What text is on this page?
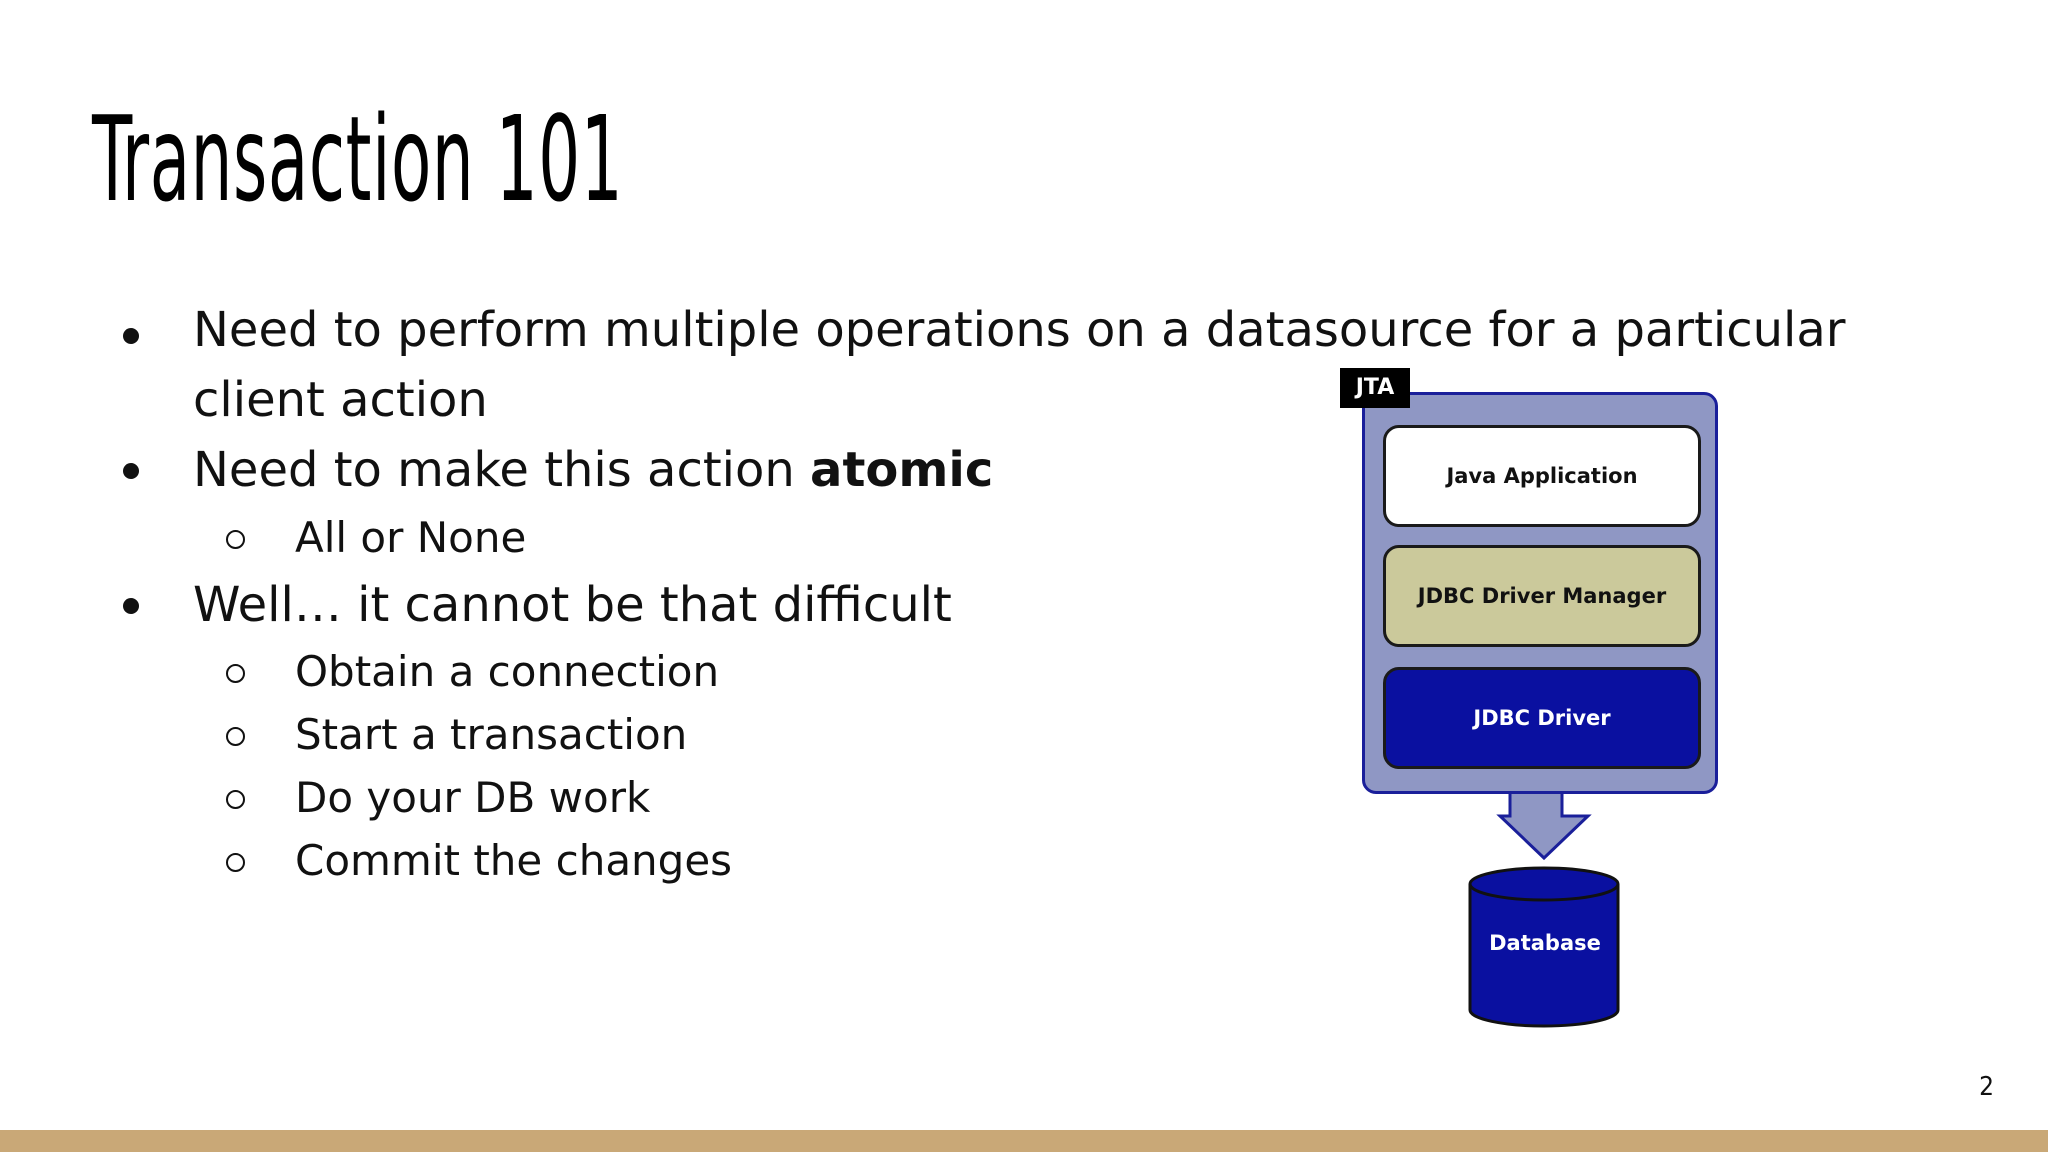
Transaction 101
Need to perform multiple operations on a datasource for a particular
client action
Need to make this action atomic
All or None
Well… it cannot be that difficult
Obtain a connection
Start a transaction
Do your DB work
Commit the changes
Java Application
JDBC Driver Manager
JDBC Driver
JTA
Database
2
